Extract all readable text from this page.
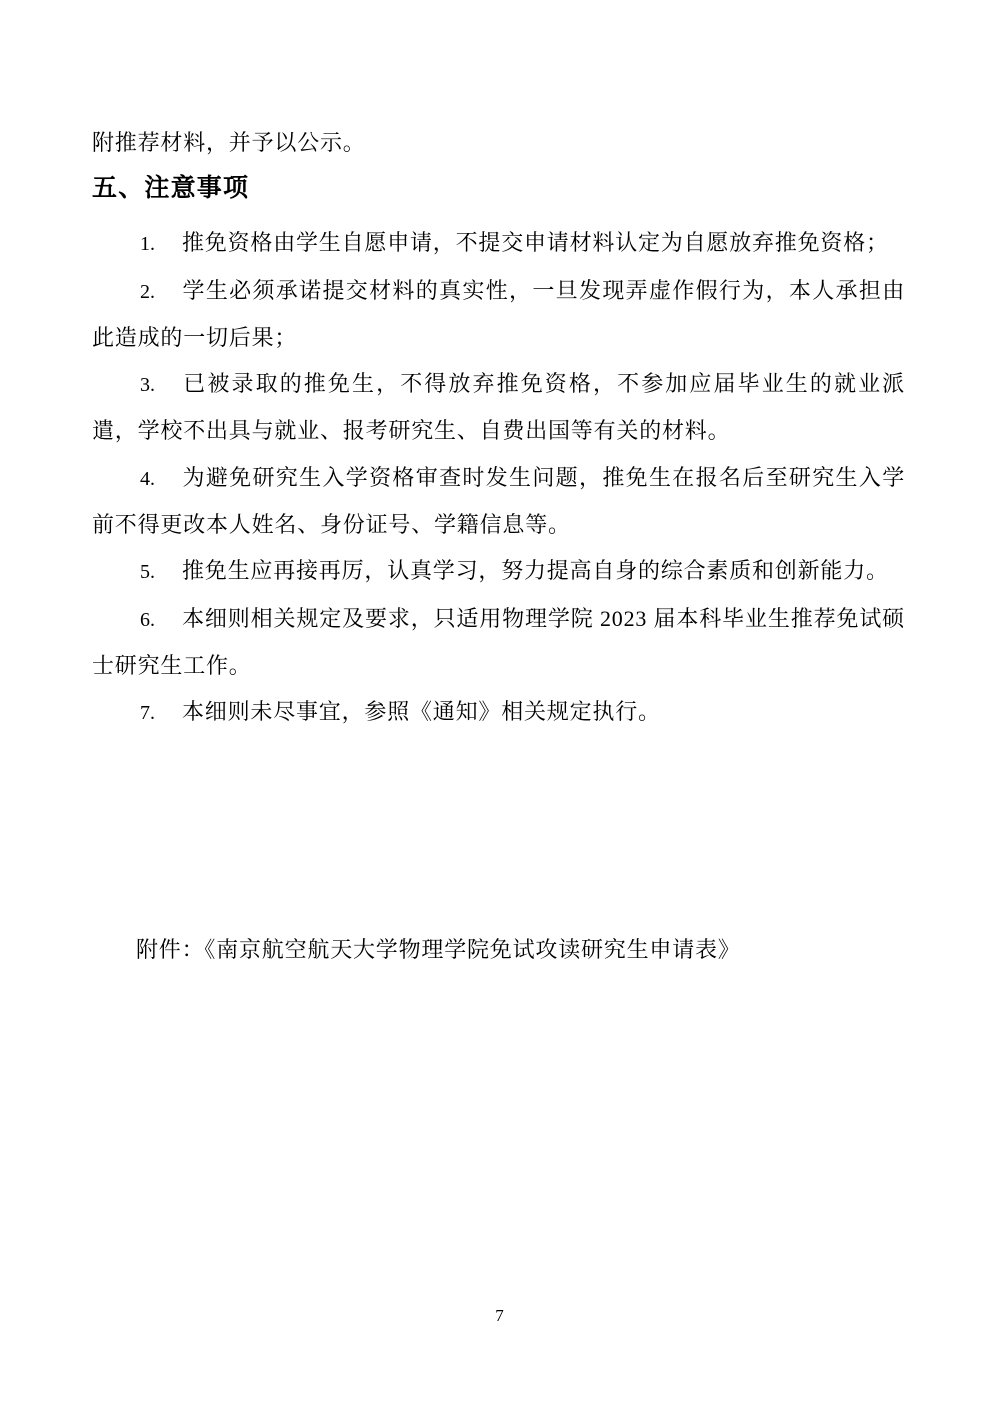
附推荐材料，并予以公示。

五、注意事项

1. 推免资格由学生自愿申请，不提交申请材料认定为自愿放弃推免资格；

2. 学生必须承诺提交材料的真实性，一旦发现弄虚作假行为，本人承担由此造成的一切后果；

3. 已被录取的推免生，不得放弃推免资格，不参加应届毕业生的就业派遣，学校不出具与就业、报考研究生、自费出国等有关的材料。

4. 为避免研究生入学资格审查时发生问题，推免生在报名后至研究生入学前不得更改本人姓名、身份证号、学籍信息等。

5. 推免生应再接再厉，认真学习，努力提高自身的综合素质和创新能力。

6. 本细则相关规定及要求，只适用物理学院 2023 届本科毕业生推荐免试硕士研究生工作。

7. 本细则未尽事宜，参照《通知》相关规定执行。

附件：《南京航空航天大学物理学院免试攻读研究生申请表》

7
